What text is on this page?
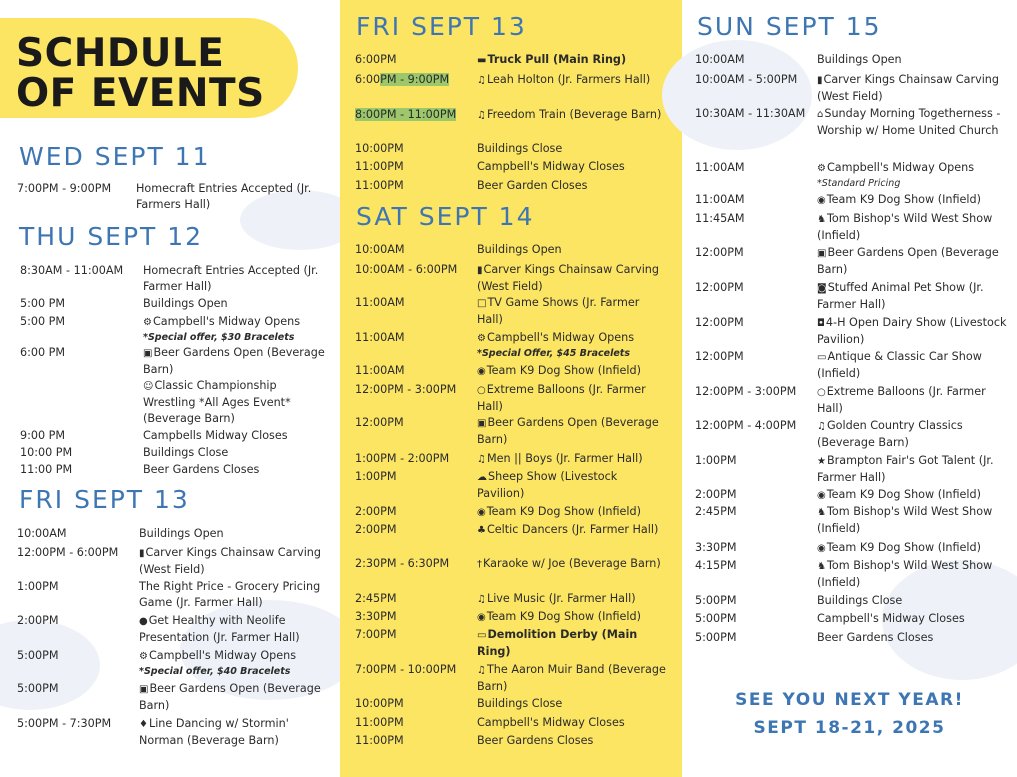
SCHDULE
OF EVENTS
WED SEPT 11
THU SEPT 12
FRI SEPT 13
FRI SEPT 13
SAT SEPT 14
SUN SEPT 15
7:00PM - 9:00PM Homecraft Entries Accepted (Jr. Farmers Hall)
8:30AM - 11:00AM Homecraft Entries Accepted (Jr. Farmer Hall)
5:00 PM	Buildings Open
5:00 PM	⚙Campbell's Midway Opens
*Special offer, $30 Bracelets
6:00 PM	▣Beer Gardens Open (Beverage Barn)
☺Classic Championship Wrestling *All Ages Event* (Beverage Barn)
9:00 PM	Campbells Midway Closes
10:00 PM	Buildings Close
11:00 PM	Beer Gardens Closes
10:00AM	Buildings Open
12:00PM - 6:00PM ▮Carver Kings Chainsaw Carving (West Field)
1:00PM	The Right Price - Grocery Pricing Game (Jr. Farmer Hall)
2:00PM	●Get Healthy with Neolife Presentation (Jr. Farmer Hall)
5:00PM	⚙Campbell's Midway Opens
*Special offer, $40 Bracelets
5:00PM	▣Beer Gardens Open (Beverage Barn)
5:00PM - 7:30PM	♦Line Dancing w/ Stormin' Norman (Beverage Barn)
6:00PM	▬Truck Pull (Main Ring)
6:00PM - 9:00PM	♫Leah Holton (Jr. Farmers Hall)
8:00PM - 11:00PM ♫Freedom Train (Beverage Barn)
10:00PM	Buildings Close
11:00PM	Campbell's Midway Closes
11:00PM	Beer Garden Closes
10:00AM	Buildings Open
10:00AM - 6:00PM ▮Carver Kings Chainsaw Carving (West Field)
11:00AM	□TV Game Shows (Jr. Farmer Hall)
11:00AM	⚙Campbell's Midway Opens
*Special Offer, $45 Bracelets
11:00AM	◉Team K9 Dog Show (Infield)
12:00PM - 3:00PM ○Extreme Balloons (Jr. Farmer Hall)
12:00PM	▣Beer Gardens Open (Beverage Barn)
1:00PM - 2:00PM	♫Men || Boys (Jr. Farmer Hall)
1:00PM	☁Sheep Show (Livestock Pavilion)
2:00PM	◉Team K9 Dog Show (Infield)
2:00PM	♣Celtic Dancers (Jr. Farmer Hall)
2:30PM - 6:30PM	†Karaoke w/ Joe (Beverage Barn)
2:45PM	♫Live Music (Jr. Farmer Hall)
3:30PM	◉Team K9 Dog Show (Infield)
7:00PM	▭Demolition Derby (Main Ring)
7:00PM - 10:00PM ♫The Aaron Muir Band (Beverage Barn)
10:00PM	Buildings Close
11:00PM	Campbell's Midway Closes
11:00PM	Beer Gardens Closes
10:00AM	Buildings Open
10:00AM - 5:00PM ▮Carver Kings Chainsaw Carving (West Field)
10:30AM - 11:30AM ⌂Sunday Morning Togetherness - Worship w/ Home United Church
11:00AM	⚙Campbell's Midway Opens
*Standard Pricing
11:00AM	◉Team K9 Dog Show (Infield)
11:45AM	♞Tom Bishop's Wild West Show (Infield)
12:00PM	▣Beer Gardens Open (Beverage Barn)
12:00PM	◙Stuffed Animal Pet Show (Jr. Farmer Hall)
12:00PM	◘4-H Open Dairy Show (Livestock Pavilion)
12:00PM	▭Antique & Classic Car Show (Infield)
12:00PM - 3:00PM ○Extreme Balloons (Jr. Farmer Hall)
12:00PM - 4:00PM ♫Golden Country Classics (Beverage Barn)
1:00PM	★Brampton Fair's Got Talent (Jr. Farmer Hall)
2:00PM	◉Team K9 Dog Show (Infield)
2:45PM	♞Tom Bishop's Wild West Show (Infield)
3:30PM	◉Team K9 Dog Show (Infield)
4:15PM	♞Tom Bishop's Wild West Show (Infield)
5:00PM	Buildings Close
5:00PM	Campbell's Midway Closes
5:00PM	Beer Gardens Closes
SEE YOU NEXT YEAR!
SEPT 18-21, 2025
